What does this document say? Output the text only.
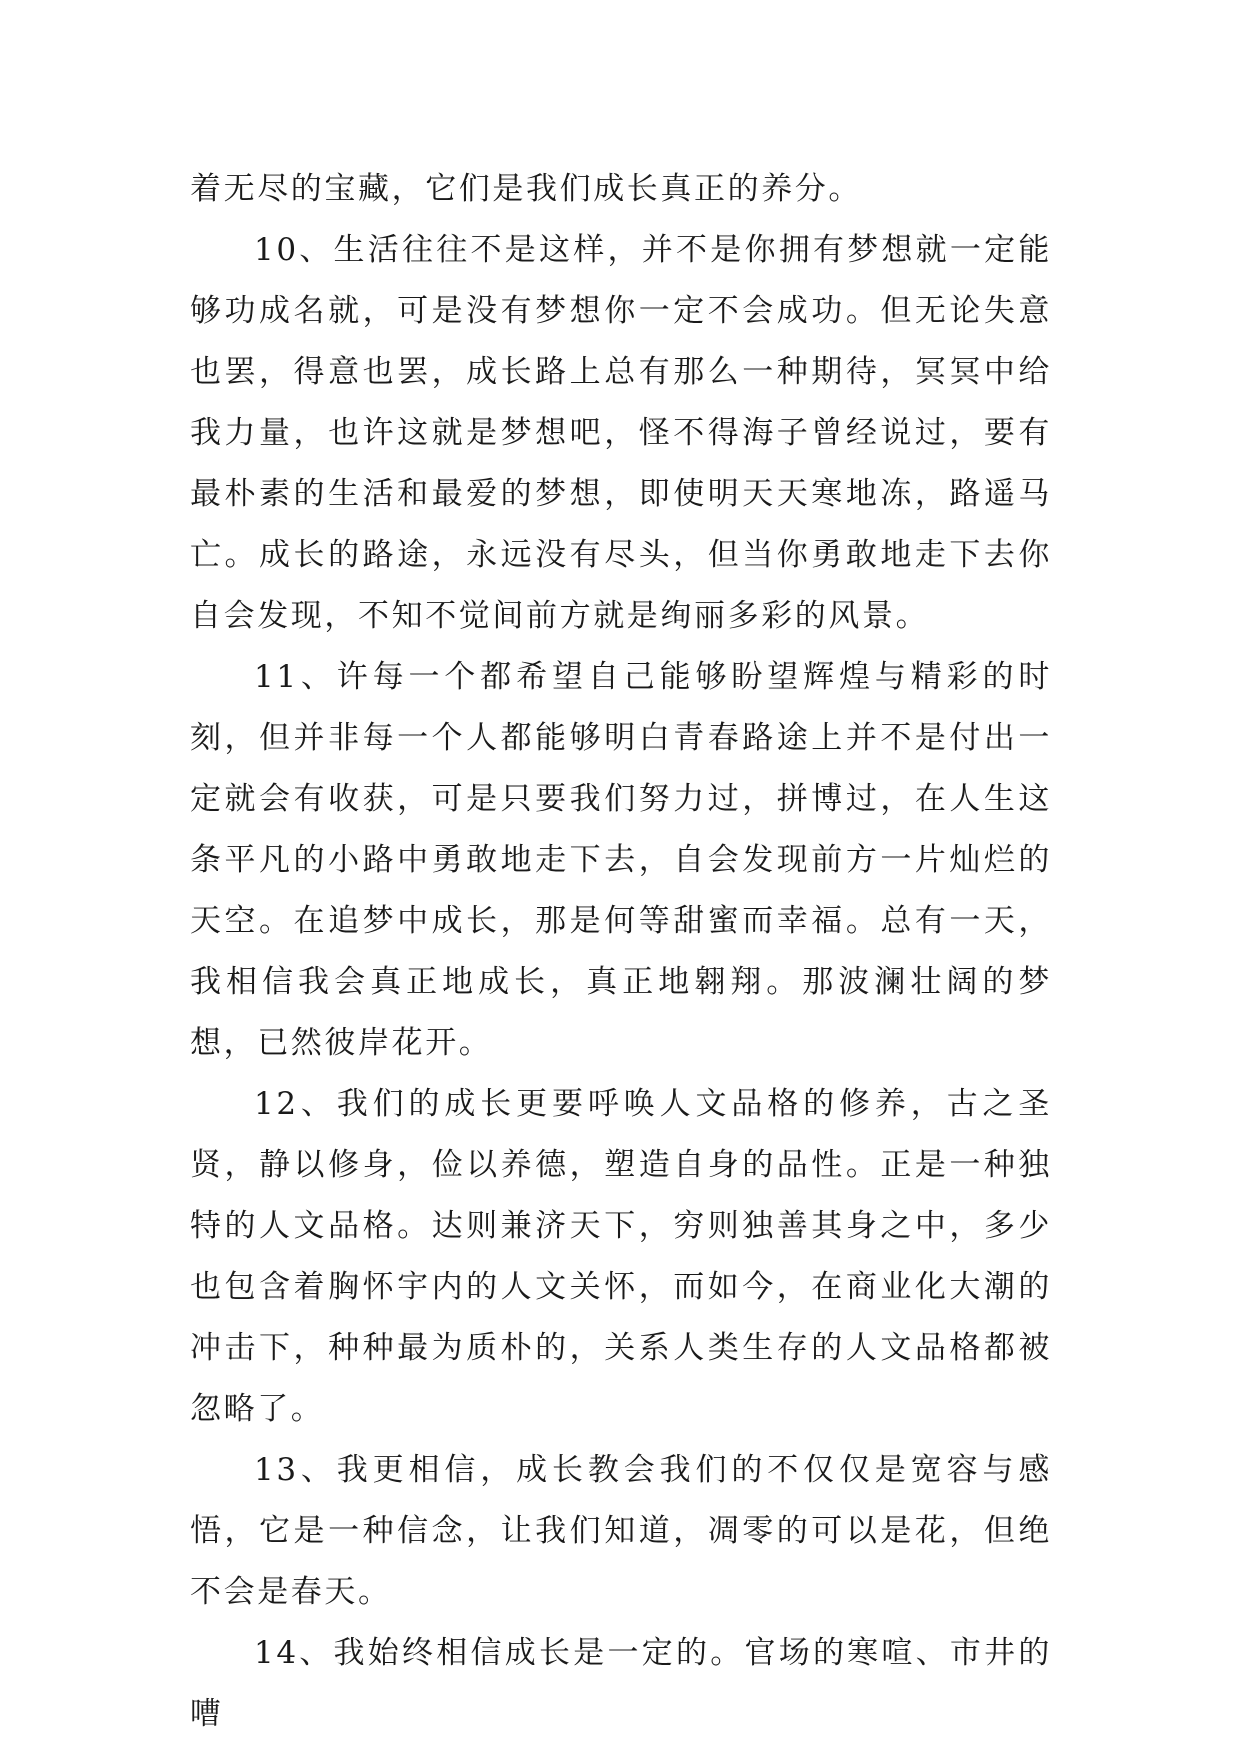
着无尽的宝藏，它们是我们成长真正的养分。

10、生活往往不是这样，并不是你拥有梦想就一定能够功成名就，可是没有梦想你一定不会成功。但无论失意也罢，得意也罢，成长路上总有那么一种期待，冥冥中给我力量，也许这就是梦想吧，怪不得海子曾经说过，要有最朴素的生活和最爱的梦想，即使明天天寒地冻，路遥马亡。成长的路途，永远没有尽头，但当你勇敢地走下去你自会发现，不知不觉间前方就是绚丽多彩的风景。

11、许每一个都希望自己能够盼望辉煌与精彩的时刻，但并非每一个人都能够明白青春路途上并不是付出一定就会有收获，可是只要我们努力过，拼博过，在人生这条平凡的小路中勇敢地走下去，自会发现前方一片灿烂的天空。在追梦中成长，那是何等甜蜜而幸福。总有一天，我相信我会真正地成长，真正地翱翔。那波澜壮阔的梦想，已然彼岸花开。

12、我们的成长更要呼唤人文品格的修养，古之圣贤，静以修身，俭以养德，塑造自身的品性。正是一种独特的人文品格。达则兼济天下，穷则独善其身之中，多少也包含着胸怀宇内的人文关怀，而如今，在商业化大潮的冲击下，种种最为质朴的，关系人类生存的人文品格都被忽略了。

13、我更相信，成长教会我们的不仅仅是宽容与感悟，它是一种信念，让我们知道，凋零的可以是花，但绝不会是春天。

14、我始终相信成长是一定的。官场的寒喧、市井的嘈
